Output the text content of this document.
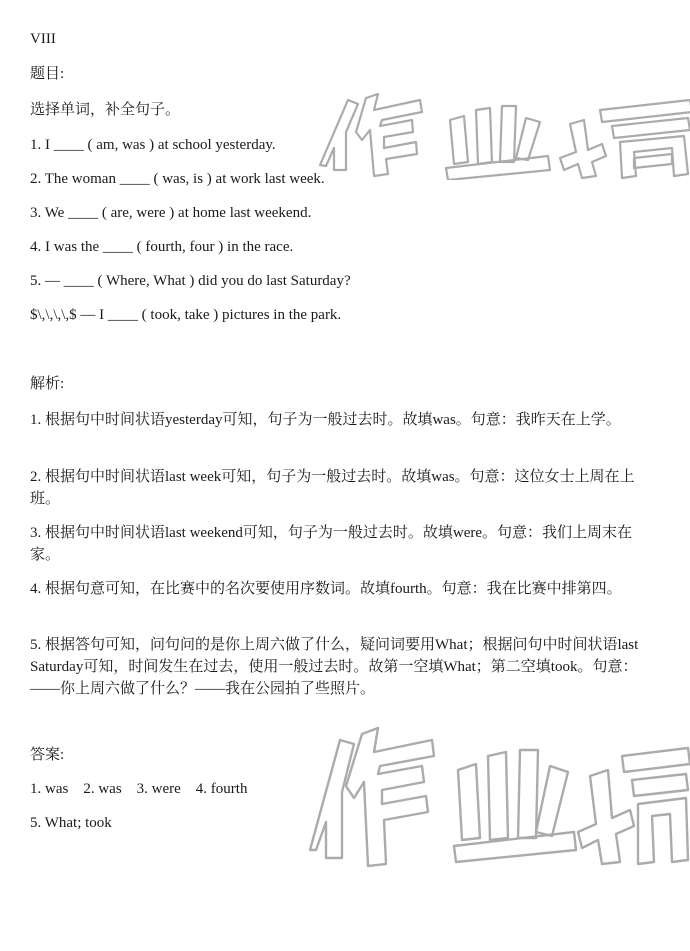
VIII
题目:
选择单词，补全句子。
1. I ____ ( am, was ) at school yesterday.
2. The woman ____ ( was, is ) at work last week.
3. We ____ ( are, were ) at home last weekend.
4. I was the ____ ( fourth, four ) in the race.
5. — ____ ( Where, What ) did you do last Saturday?
$\,\,\,\,$ — I ____ ( took, take ) pictures in the park.
解析:
1. 根据句中时间状语yesterday可知，句子为一般过去时。故填was。句意：我昨天在上学。
2. 根据句中时间状语last week可知，句子为一般过去时。故填was。句意：这位女士上周在上班。
3. 根据句中时间状语last weekend可知，句子为一般过去时。故填were。句意：我们上周末在家。
4. 根据句意可知，在比赛中的名次要使用序数词。故填fourth。句意：我在比赛中排第四。
5. 根据答句可知，问句问的是你上周六做了什么，疑问词要用What；根据问句中时间状语last Saturday可知，时间发生在过去，使用一般过去时。故第一空填What；第二空填took。句意：——你上周六做了什么？——我在公园拍了些照片。
答案:
1. was    2. was    3. were    4. fourth
5. What; took
